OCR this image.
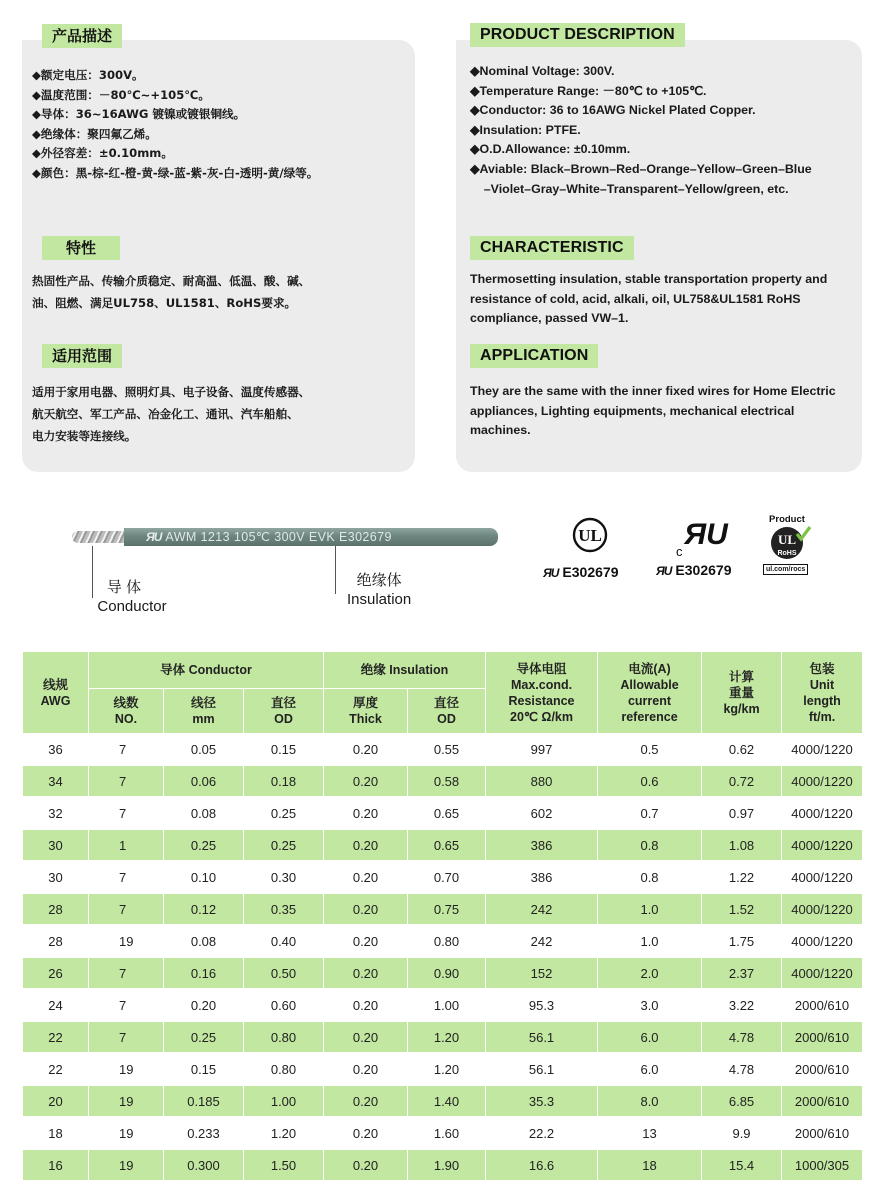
产品描述
◆额定电压：300V。
◆温度范围：－80℃~+105℃。
◆导体：36~16AWG 镀镍或镀银铜线。
◆绝缘体：聚四氟乙烯。
◆外径容差：±0.10mm。
◆颜色：黑-棕-红-橙-黄-绿-蓝-紫-灰-白-透明-黄/绿等。
特性
热固性产品、传输介质稳定、耐高温、低温、酸、碱、
油、阻燃、满足UL758、UL1581、RoHS要求。
适用范围
适用于家用电器、照明灯具、电子设备、温度传感器、
航天航空、军工产品、冶金化工、通讯、汽车船舶、
电力安装等连接线。
PRODUCT DESCRIPTION
◆Nominal Voltage: 300V.
◆Temperature Range: －80℃ to +105℃.
◆Conductor: 36 to 16AWG Nickel Plated Copper.
◆Insulation: PTFE.
◆O.D.Allowance: ±0.10mm.
◆Aviable: Black–Brown–Red–Orange–Yellow–Green–Blue
–Violet–Gray–White–Transparent–Yellow/green, etc.
CHARACTERISTIC
Thermosetting insulation, stable transportation property and
resistance of cold, acid, alkali, oil, UL758&UL1581 RoHS
compliance, passed VW–1.
APPLICATION
They are the same with the inner fixed wires for Home Electric
appliances, Lighting equipments, mechanical electrical
machines.
ЯU AWM 1213 105℃ 300V EVK E302679
导 体
Conductor
绝缘体
Insulation
UL
ЯU E302679
ЯU
c
ЯU E302679
Product
UL
RoHS
ul.com/rocs
线规
AWG	导体 Conductor			绝缘 Insulation		导体电阻
Max.cond.
Resistance
20℃ Ω/km	电流(A)
Allowable
current
reference	计算
重量
kg/km	包装
Unit
length
ft/m.
	线数
NO.	线径
mm	直径
OD	厚度
Thick	直径
OD				
36	7	0.05	0.15	0.20	0.55	997	0.5	0.62	4000/1220
34	7	0.06	0.18	0.20	0.58	880	0.6	0.72	4000/1220
32	7	0.08	0.25	0.20	0.65	602	0.7	0.97	4000/1220
30	1	0.25	0.25	0.20	0.65	386	0.8	1.08	4000/1220
30	7	0.10	0.30	0.20	0.70	386	0.8	1.22	4000/1220
28	7	0.12	0.35	0.20	0.75	242	1.0	1.52	4000/1220
28	19	0.08	0.40	0.20	0.80	242	1.0	1.75	4000/1220
26	7	0.16	0.50	0.20	0.90	152	2.0	2.37	4000/1220
24	7	0.20	0.60	0.20	1.00	95.3	3.0	3.22	2000/610
22	7	0.25	0.80	0.20	1.20	56.1	6.0	4.78	2000/610
22	19	0.15	0.80	0.20	1.20	56.1	6.0	4.78	2000/610
20	19	0.185	1.00	0.20	1.40	35.3	8.0	6.85	2000/610
18	19	0.233	1.20	0.20	1.60	22.2	13	9.9	2000/610
16	19	0.300	1.50	0.20	1.90	16.6	18	15.4	1000/305
